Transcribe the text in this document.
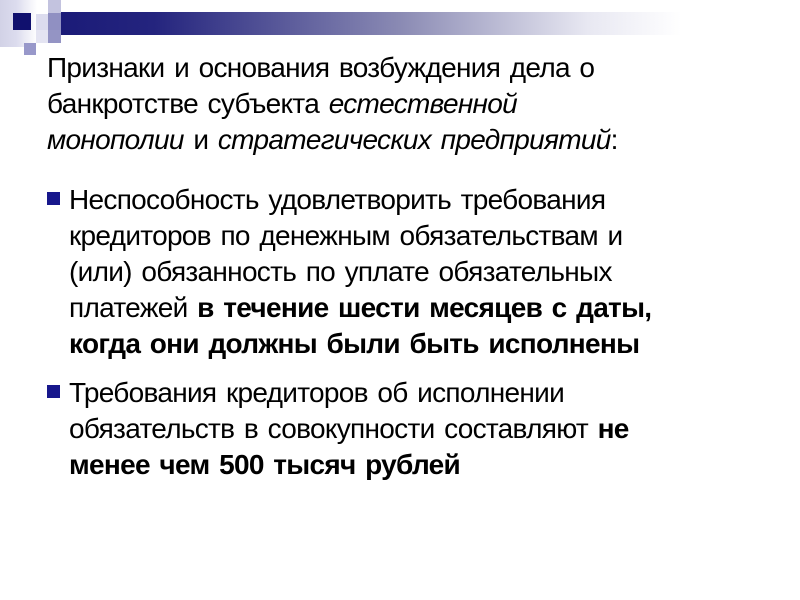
Признаки и основания возбуждения дела о
банкротстве субъекта естественной
монополии и стратегических предприятий:
Неспособность удовлетворить требования
кредиторов по денежным обязательствам и
(или) обязанность по уплате обязательных
платежей в течение шести месяцев с даты,
когда они должны были быть исполнены
Требования кредиторов об исполнении
обязательств в совокупности составляют не
менее чем 500 тысяч рублей
